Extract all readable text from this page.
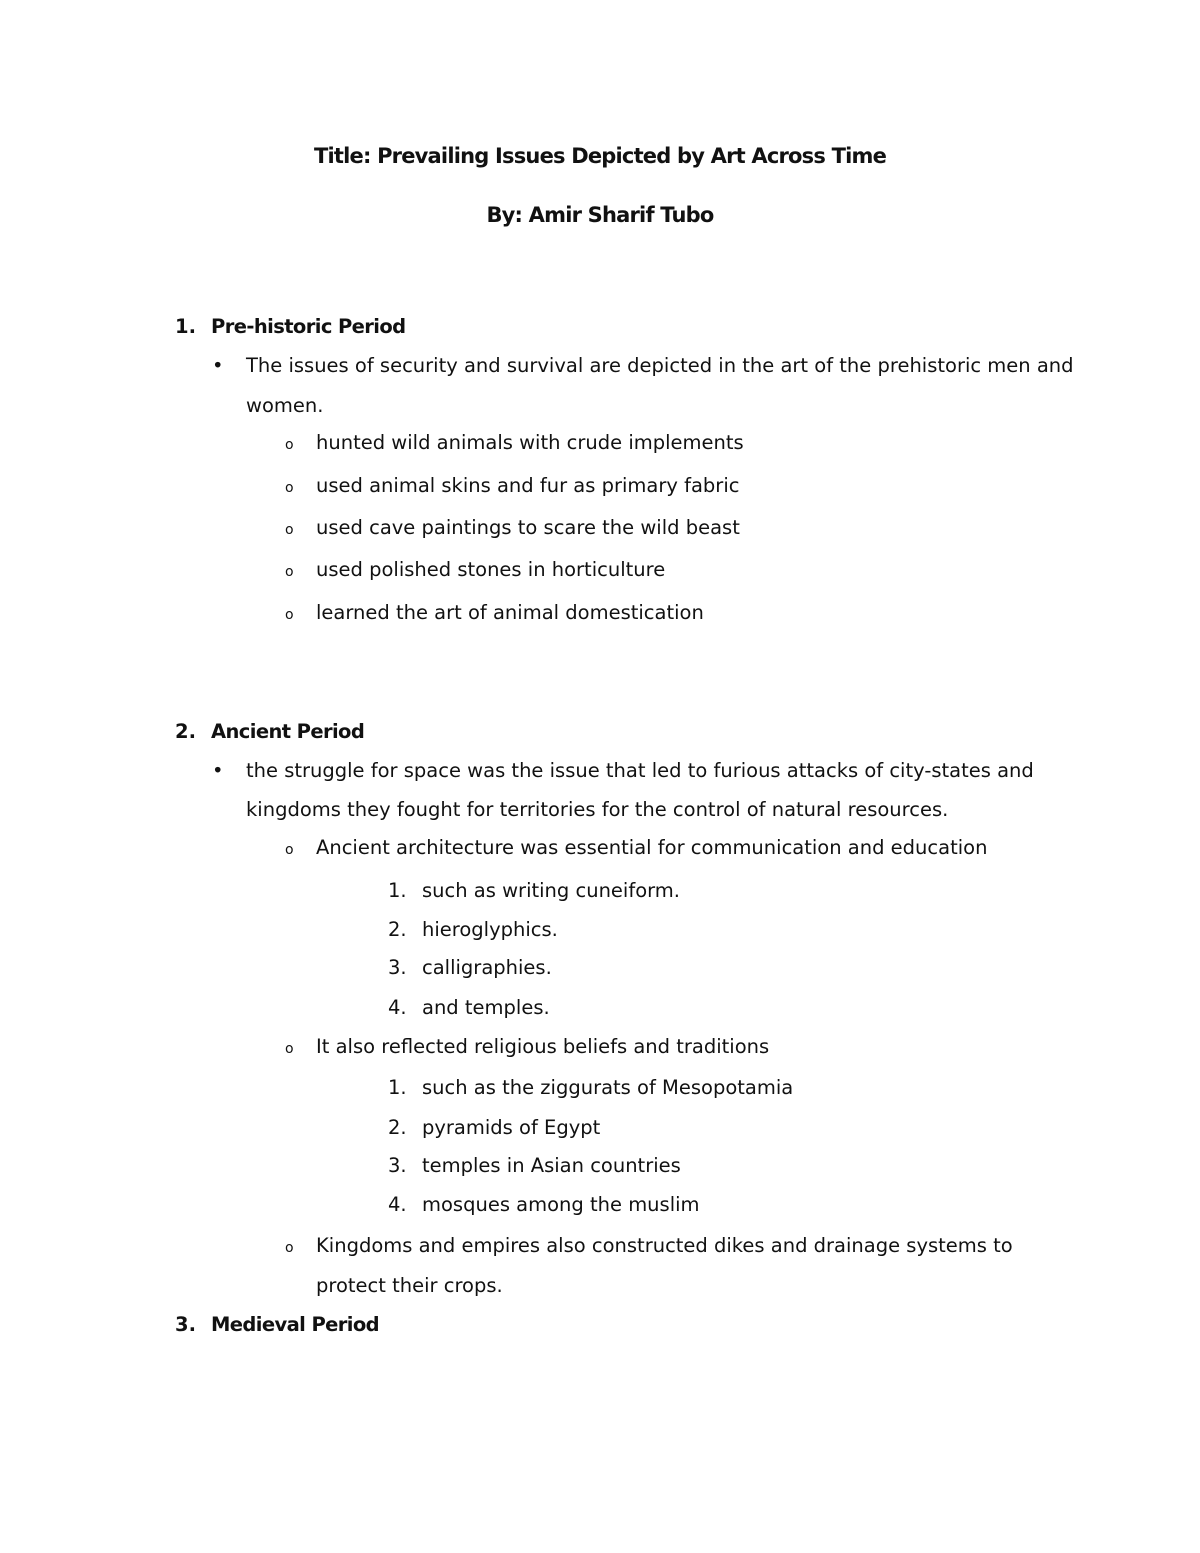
Title: Prevailing Issues Depicted by Art Across Time
By: Amir Sharif Tubo
1. Pre-historic Period
• The issues of security and survival are depicted in the art of the prehistoric men and
women.
o hunted wild animals with crude implements
o used animal skins and fur as primary fabric
o used cave paintings to scare the wild beast
o used polished stones in horticulture
o learned the art of animal domestication
2. Ancient Period
• the struggle for space was the issue that led to furious attacks of city-states and
kingdoms they fought for territories for the control of natural resources.
o Ancient architecture was essential for communication and education
1. such as writing cuneiform.
2. hieroglyphics.
3. calligraphies.
4. and temples.
o It also reflected religious beliefs and traditions
1. such as the ziggurats of Mesopotamia
2. pyramids of Egypt
3. temples in Asian countries
4. mosques among the muslim
o Kingdoms and empires also constructed dikes and drainage systems to
protect their crops.
3. Medieval Period
